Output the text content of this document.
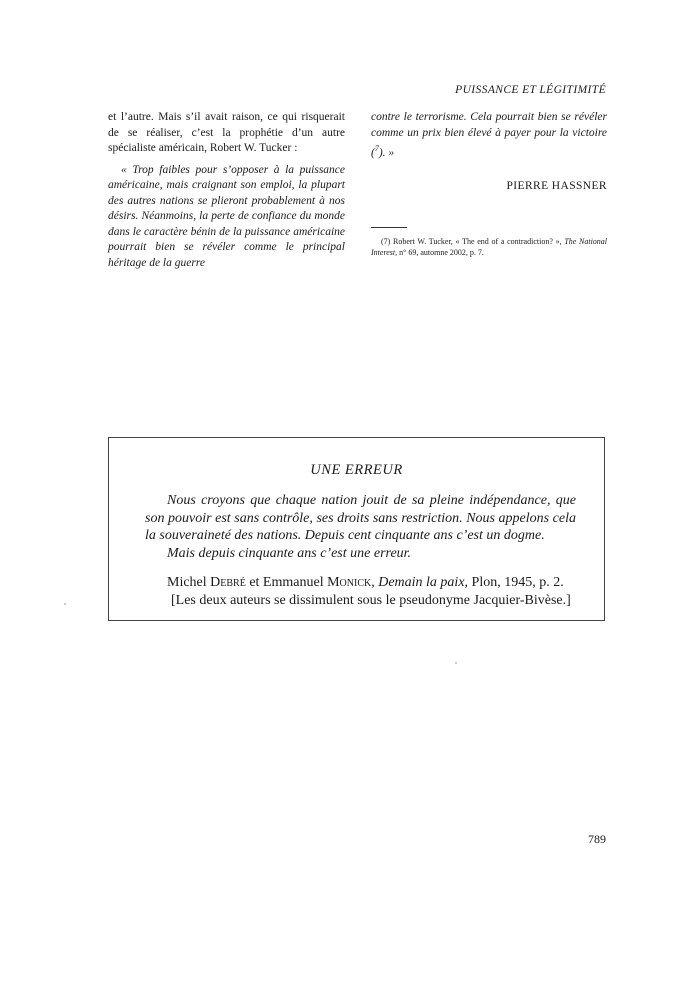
PUISSANCE ET LÉGITIMITÉ

et l’autre. Mais s’il avait raison, ce qui risquerait de se réaliser, c’est la prophétie d’un autre spécialiste américain, Robert W. Tucker :

« Trop faibles pour s’opposer à la puissance américaine, mais craignant son emploi, la plupart des autres nations se plieront probablement à nos désirs. Néanmoins, la perte de confiance du monde dans le caractère bénin de la puissance américaine pourrait bien se révéler comme le principal héritage de la guerre

contre le terrorisme. Cela pourrait bien se révéler comme un prix bien élevé à payer pour la victoire ($^7$). »

PIERRE HASSNER

(7) Robert W. Tucker, « The end of a contradiction? », The National Interest, n° 69, automne 2002, p. 7.

UNE ERREUR

Nous croyons que chaque nation jouit de sa pleine indépendance, que son pouvoir est sans contrôle, ses droits sans restriction. Nous appelons cela la souveraineté des nations. Depuis cent cinquante ans c’est un dogme.

Mais depuis cinquante ans c’est une erreur.

Michel Debré et Emmanuel Monick, Demain la paix, Plon, 1945, p. 2.

[Les deux auteurs se dissimulent sous le pseudonyme Jacquier-Bivèse.]

789
